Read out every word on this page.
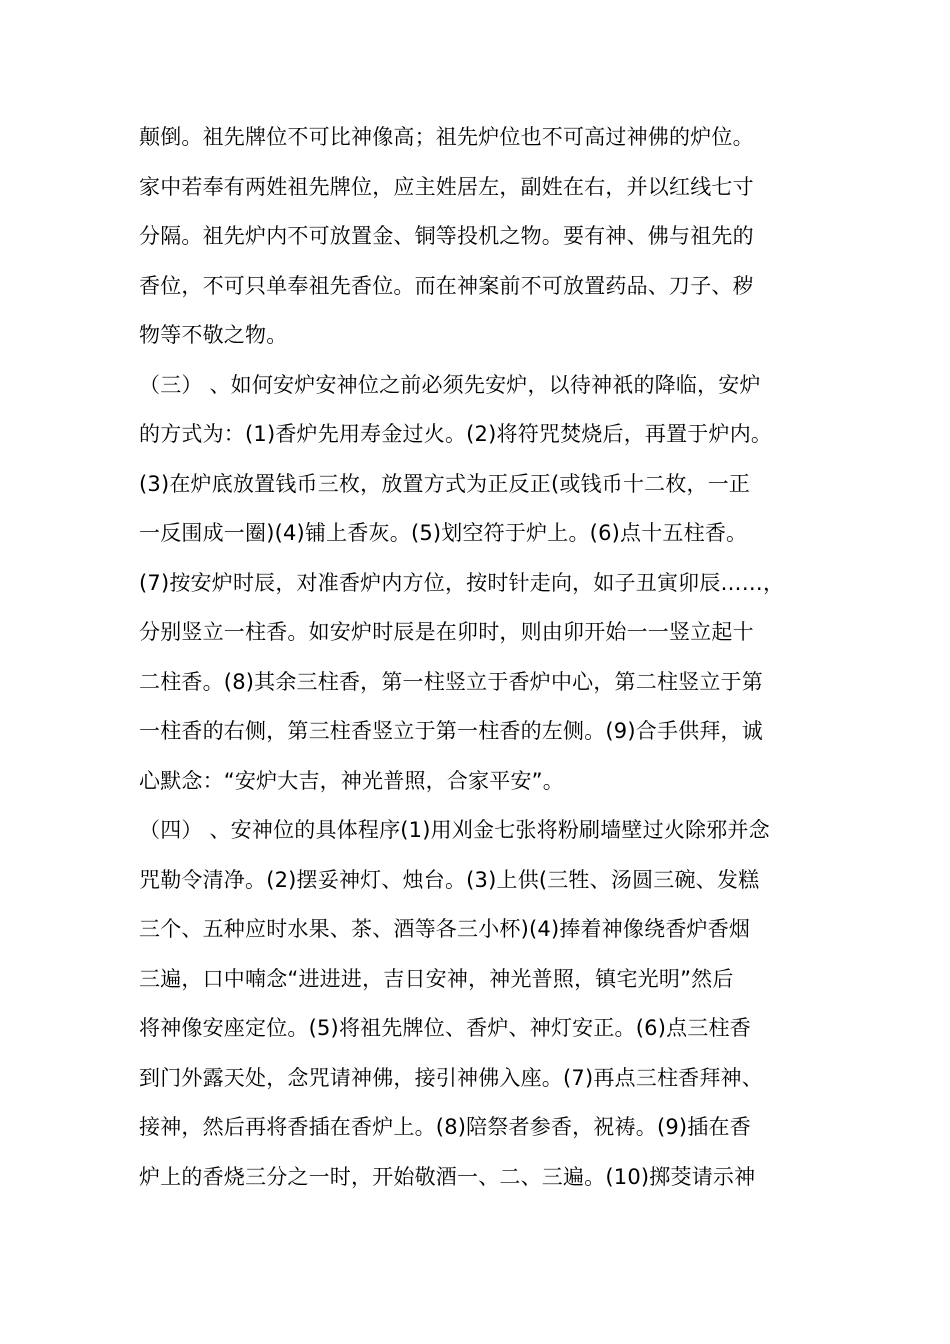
颠倒。祖先牌位不可比神像高；祖先炉位也不可高过神佛的炉位。
家中若奉有两姓祖先牌位，应主姓居左，副姓在右，并以红线七寸
分隔。祖先炉内不可放置金、铜等投机之物。要有神、佛与祖先的
香位，不可只单奉祖先香位。而在神案前不可放置药品、刀子、秽
物等不敬之物。
（三） 、如何安炉安神位之前必须先安炉，以待神祇的降临，安炉
的方式为：(1)香炉先用寿金过火。(2)将符咒焚烧后，再置于炉内。
(3)在炉底放置钱币三枚，放置方式为正反正(或钱币十二枚，一正
一反围成一圈)(4)铺上香灰。(5)划空符于炉上。(6)点十五柱香。
(7)按安炉时辰，对准香炉内方位，按时针走向，如子丑寅卯辰……，
分别竖立一柱香。如安炉时辰是在卯时，则由卯开始一一竖立起十
二柱香。(8)其余三柱香，第一柱竖立于香炉中心，第二柱竖立于第
一柱香的右侧，第三柱香竖立于第一柱香的左侧。(9)合手供拜，诚
心默念：“安炉大吉，神光普照，合家平安”。
（四） 、安神位的具体程序(1)用刈金七张将粉刷墙壁过火除邪并念
咒勒令清净。(2)摆妥神灯、烛台。(3)上供(三牲、汤圆三碗、发糕
三个、五种应时水果、茶、酒等各三小杯)(4)捧着神像绕香炉香烟
三遍，口中喃念“进进进，吉日安神，神光普照，镇宅光明”然后
将神像安座定位。(5)将祖先牌位、香炉、神灯安正。(6)点三柱香
到门外露天处，念咒请神佛，接引神佛入座。(7)再点三柱香拜神、
接神，然后再将香插在香炉上。(8)陪祭者参香，祝祷。(9)插在香
炉上的香烧三分之一时，开始敬酒一、二、三遍。(10)掷茭请示神
